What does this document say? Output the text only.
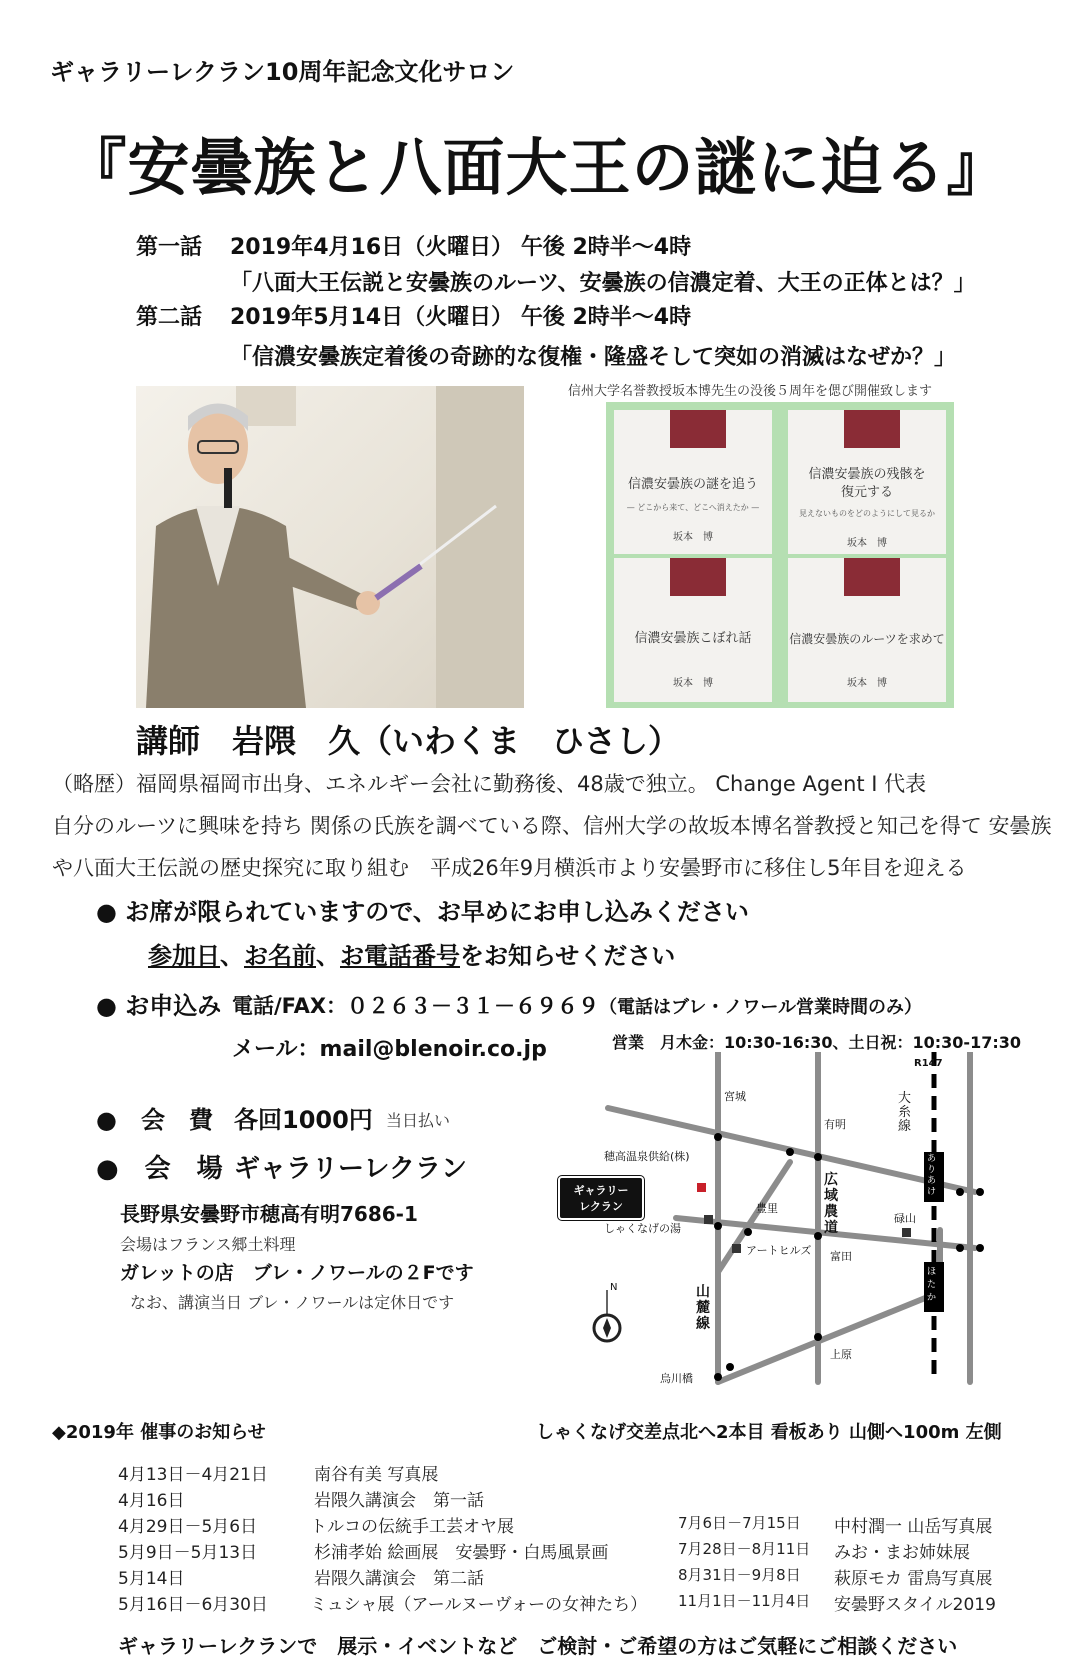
ギャラリーレクラン10周年記念文化サロン
『安曇族と八面大王の謎に迫る』
第一話 2019年4月16日（火曜日） 午後 2時半～4時
「八面大王伝説と安曇族のルーツ、安曇族の信濃定着、大王の正体とは？」
第二話 2019年5月14日（火曜日） 午後 2時半～4時
「信濃安曇族定着後の奇跡的な復権・隆盛そして突如の消滅はなぜか？」
信州大学名誉教授坂本博先生の没後５周年を偲び開催致します
信濃安曇族の謎を追う
— どこから来て、どこへ消えたか —
坂本　博
信濃安曇族の残骸を復元する
見えないものをどのようにして見るか
坂本　博
信濃安曇族こぼれ話
坂本　博
信濃安曇族のルーツを求めて
坂本　博
講師　岩隈　久（いわくま　ひさし）
（略歴）福岡県福岡市出身、エネルギー会社に勤務後、48歳で独立。 Change Agent I 代表
自分のルーツに興味を持ち 関係の氏族を調べている際、信州大学の故坂本博名誉教授と知己を得て 安曇族
や八面大王伝説の歴史探究に取り組む　平成26年9月横浜市より安曇野市に移住し5年目を迎える
● お席が限られていますので、お早めにお申し込みください
参加日、お名前、お電話番号をお知らせください
● お申込み 電話/FAX：０２６３－３１－６９６９（電話はブレ・ノワール営業時間のみ）
メール：mail@blenoir.co.jp	営業　月木金：10:30-16:30、土日祝：10:30-17:30
●　会　費 各回1000円 当日払い
●　会　場 ギャラリーレクラン
長野県安曇野市穂高有明7686-1
会場はフランス郷土料理
ガレットの店　ブレ・ノワールの２Fです
なお、講演当日 ブレ・ノワールは定休日です
N
R147
宮城
有明
穂高温泉供給(株)
しゃくなげの湯
豊里
アートヒルズ 富田
碌山
上原
烏川橋
大糸線
広域農道
山麓線
ありあけ
ほたか
ギャラリー
レクラン
しゃくなげ交差点北へ2本目 看板あり 山側へ100m 左側
◆2019年 催事のお知らせ
4月13日－4月21日	南谷有美 写真展
4月16日	岩隈久講演会　第一話
4月29日－5月6日	トルコの伝統手工芸オヤ展
5月9日－5月13日	杉浦孝始 絵画展　安曇野・白馬風景画
5月14日	岩隈久講演会　第二話
5月16日－6月30日 ミュシャ展（アールヌーヴォーの女神たち）
7月6日－7月15日 中村潤一 山岳写真展
7月28日－8月11日 みお・まお姉妹展
8月31日－9月8日 萩原モカ 雷鳥写真展
11月1日－11月4日 安曇野スタイル2019
ギャラリーレクランで　展示・イベントなど　ご検討・ご希望の方はご気軽にご相談ください
